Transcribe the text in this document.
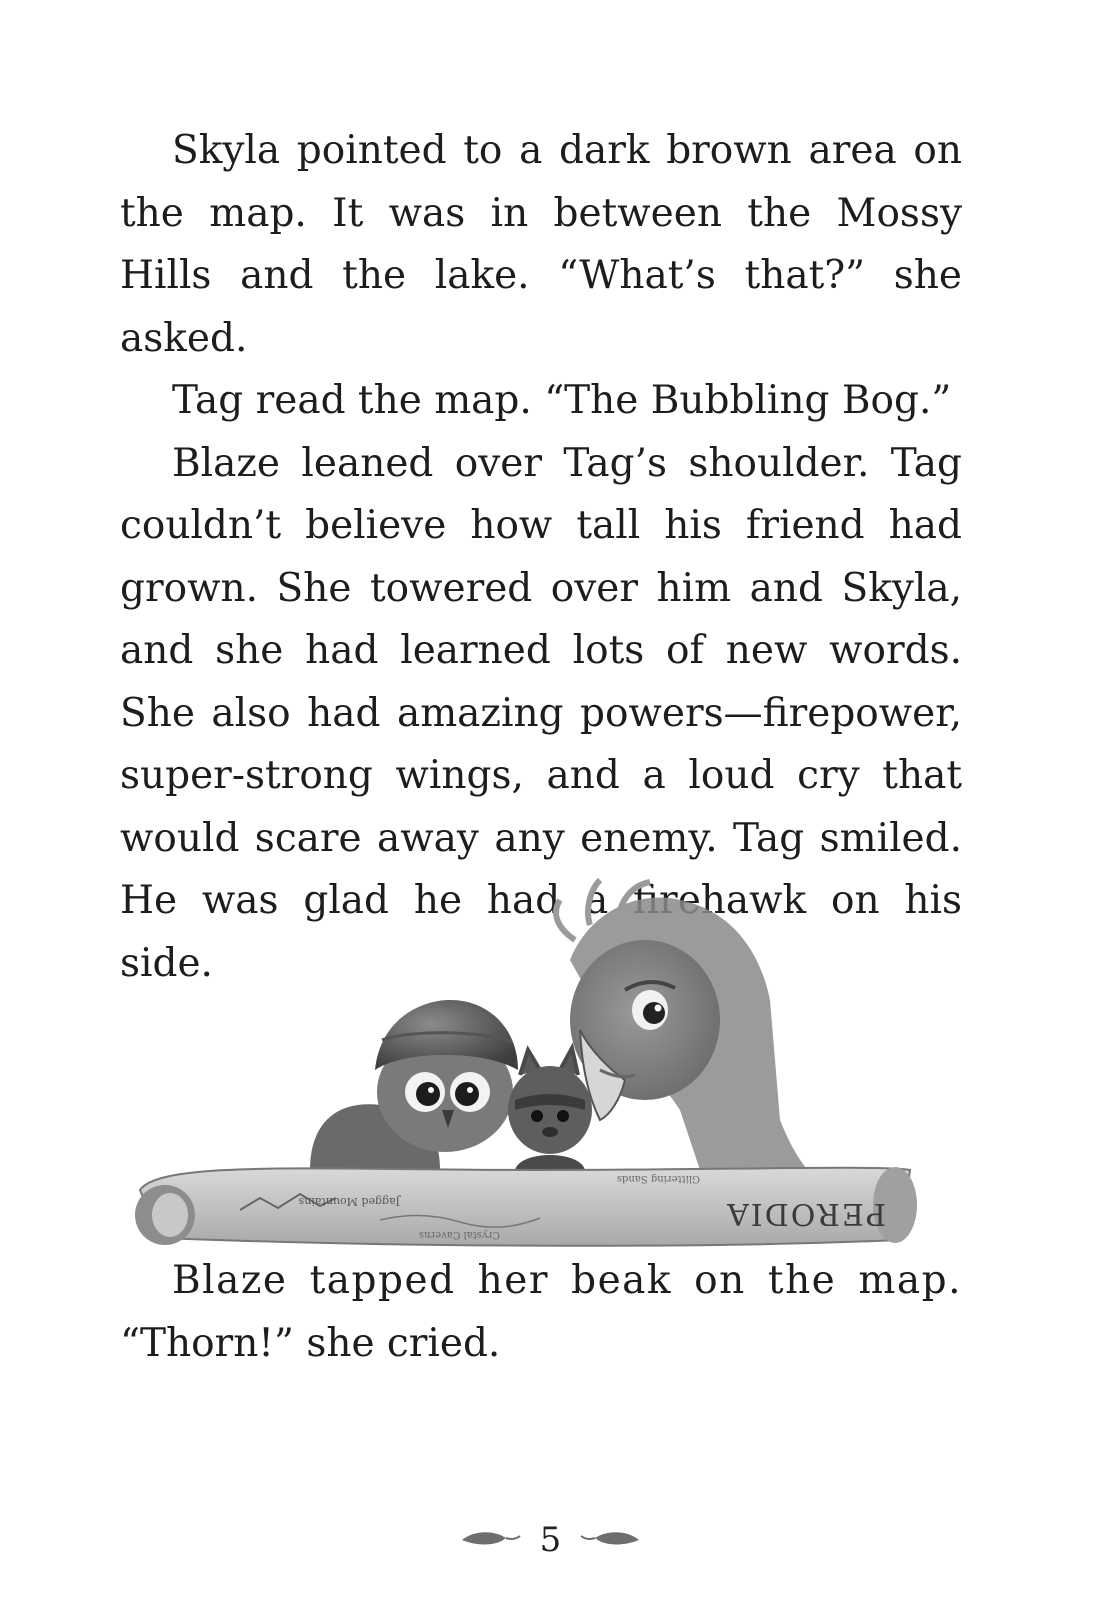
Skyla pointed to a dark brown area on the map. It was in between the Mossy Hills and the lake. “What’s that?” she asked.

Tag read the map. “The Bubbling Bog.”

Blaze leaned over Tag’s shoulder. Tag couldn’t believe how tall his friend had grown. She towered over him and Skyla, and she had learned lots of new words. She also had amazing powers—firepower, super-strong wings, and a loud cry that would scare away any enemy. Tag smiled. He was glad he had a firehawk on his side.

Jagged Mountains
Crystal Caverns
Glittering Sands
PERODIA

Blaze tapped her beak on the map.

“Thorn!” she cried.

5
